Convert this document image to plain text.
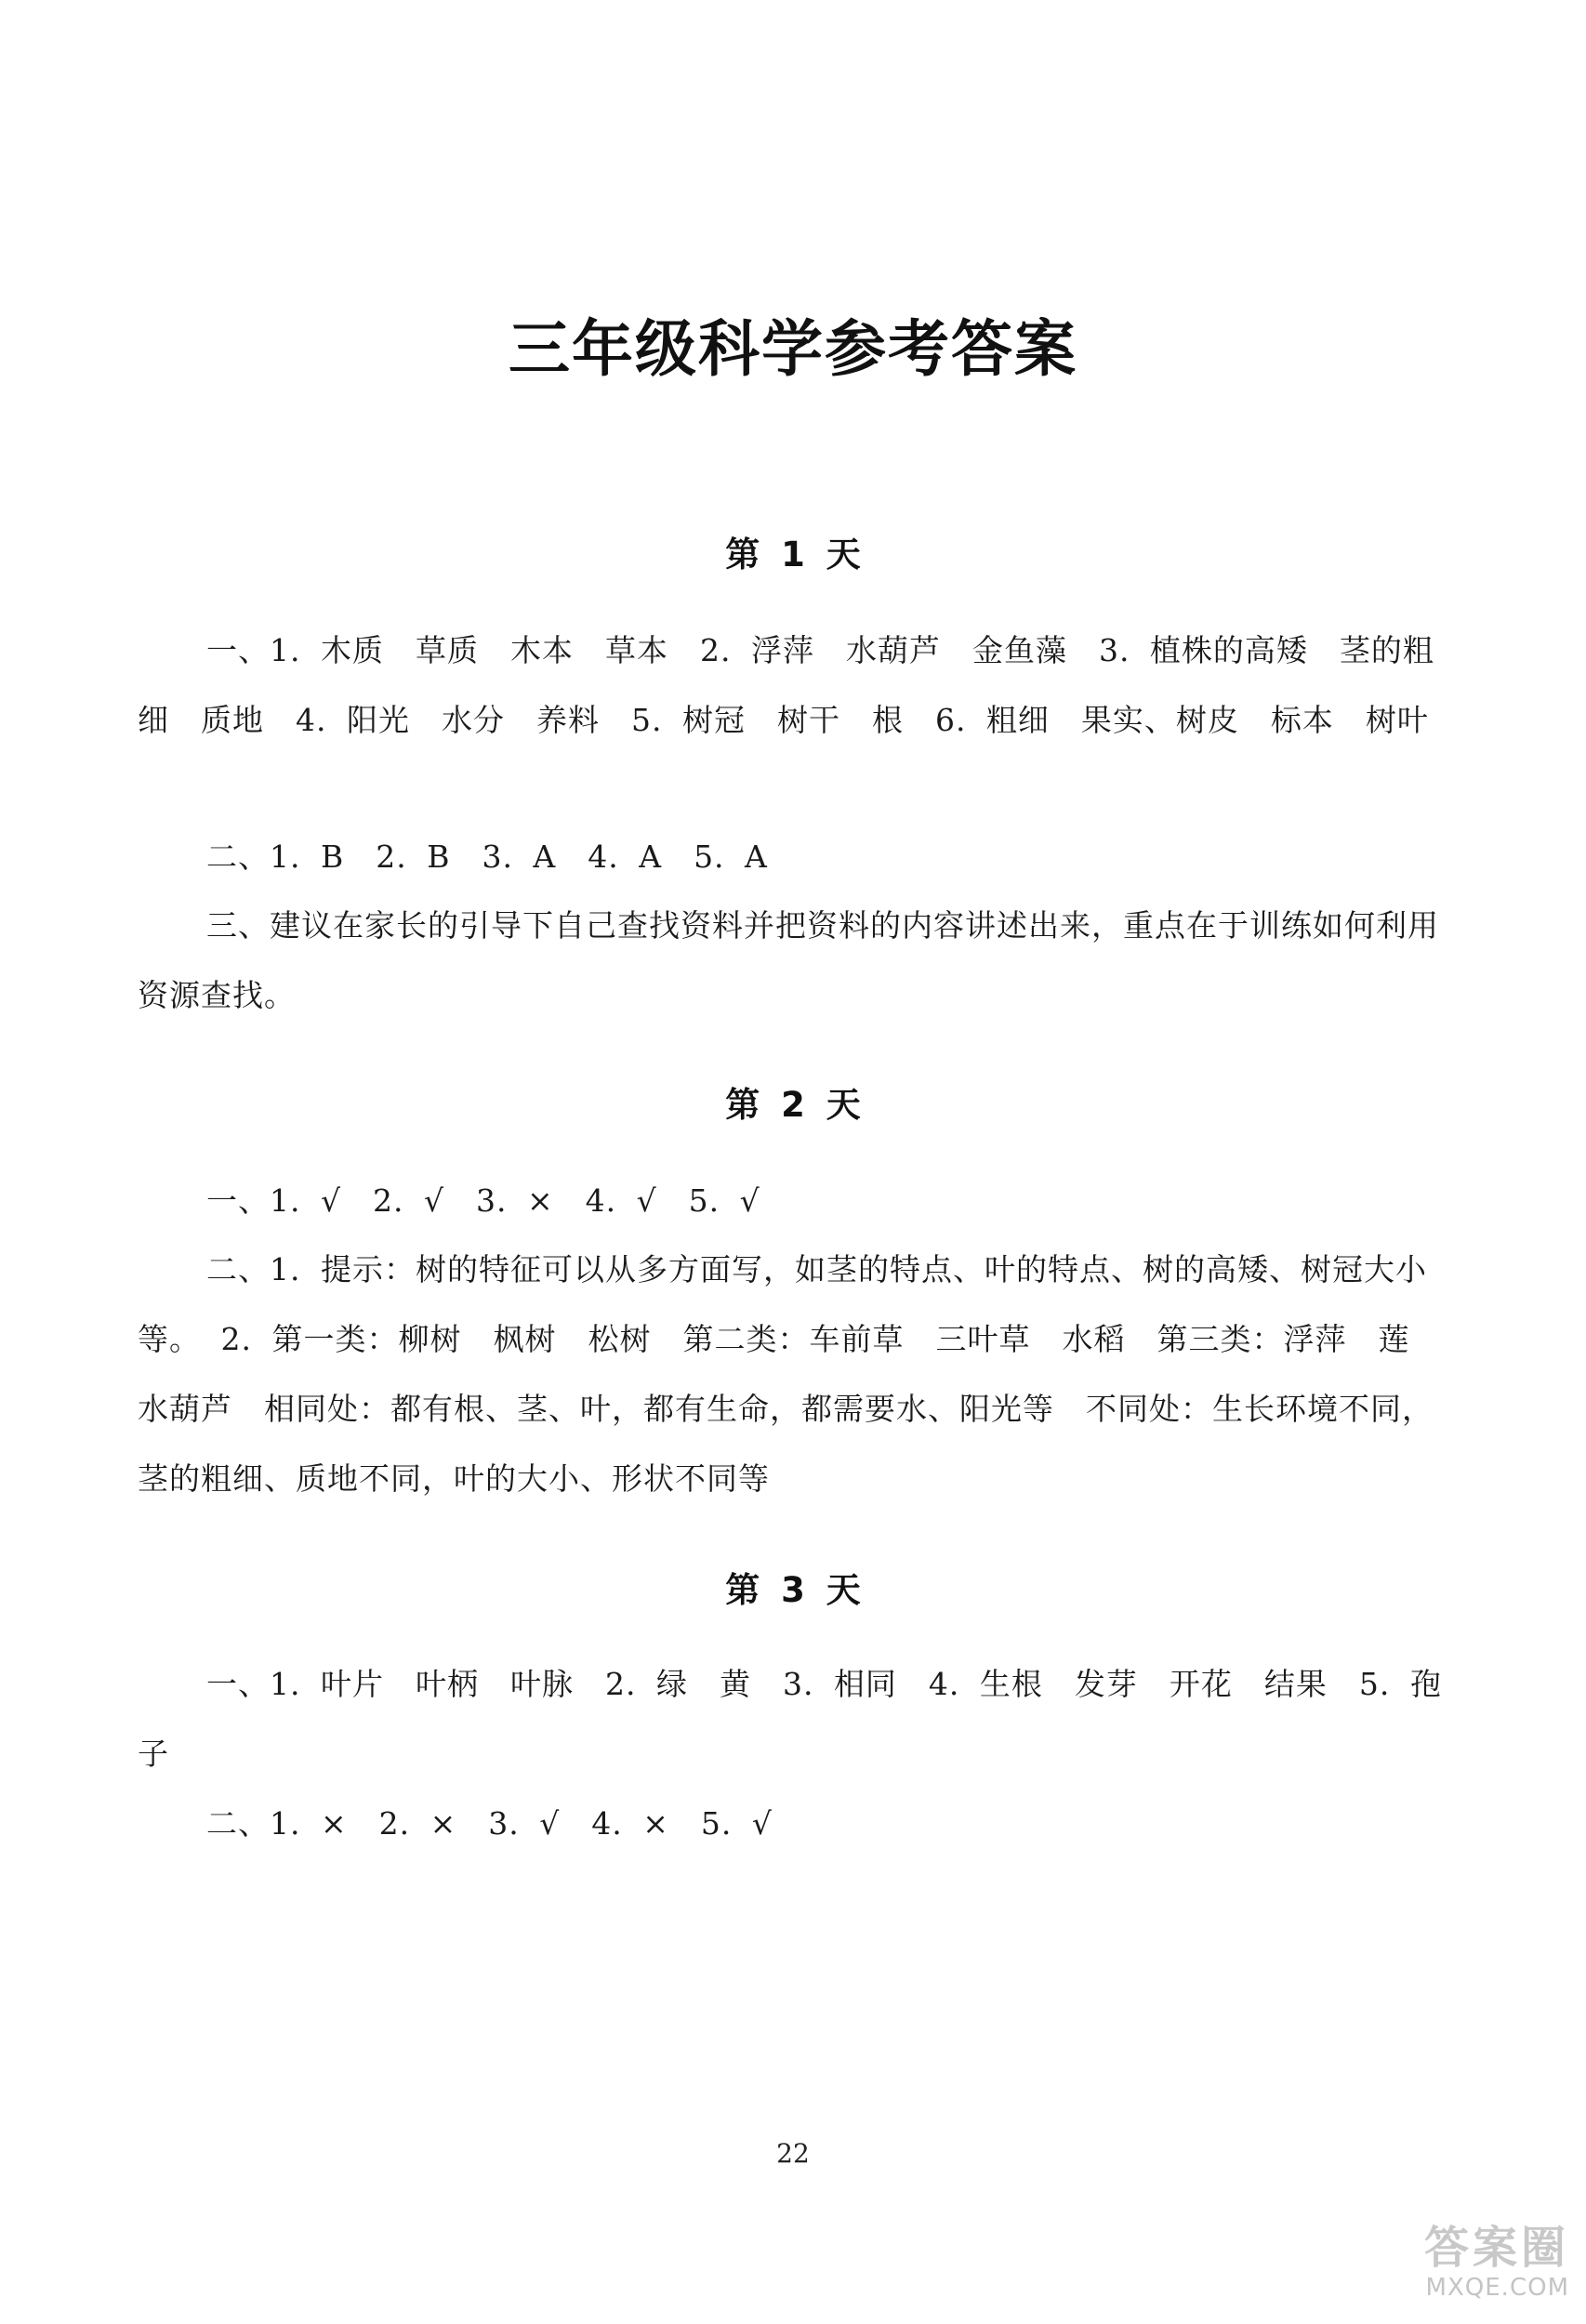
三年级科学参考答案
第 1 天

一、1. 木质　草质　木本　草本　2. 浮萍　水葫芦　金鱼藻　3. 植株的高矮　茎的粗细　质地　4. 阳光　水分　养料　5. 树冠　树干　根　6. 粗细　果实、树皮　标本　树叶

二、1. B　2. B　3. A　4. A　5. A

三、建议在家长的引导下自己查找资料并把资料的内容讲述出来，重点在于训练如何利用资源查找。

第 2 天

一、1. √　2. √　3. ×　4. √　5. √

二、1. 提示：树的特征可以从多方面写，如茎的特点、叶的特点、树的高矮、树冠大小等。 2. 第一类：柳树　枫树　松树　第二类：车前草　三叶草　水稻　第三类：浮萍　莲　水葫芦　相同处：都有根、茎、叶，都有生命，都需要水、阳光等　不同处：生长环境不同，茎的粗细、质地不同，叶的大小、形状不同等

第 3 天

一、1. 叶片　叶柄　叶脉　2. 绿　黄　3. 相同　4. 生根　发芽　开花　结果　5. 孢子

二、1. ×　2. ×　3. √　4. ×　5. √

22
答案圈
MXQE.COM
